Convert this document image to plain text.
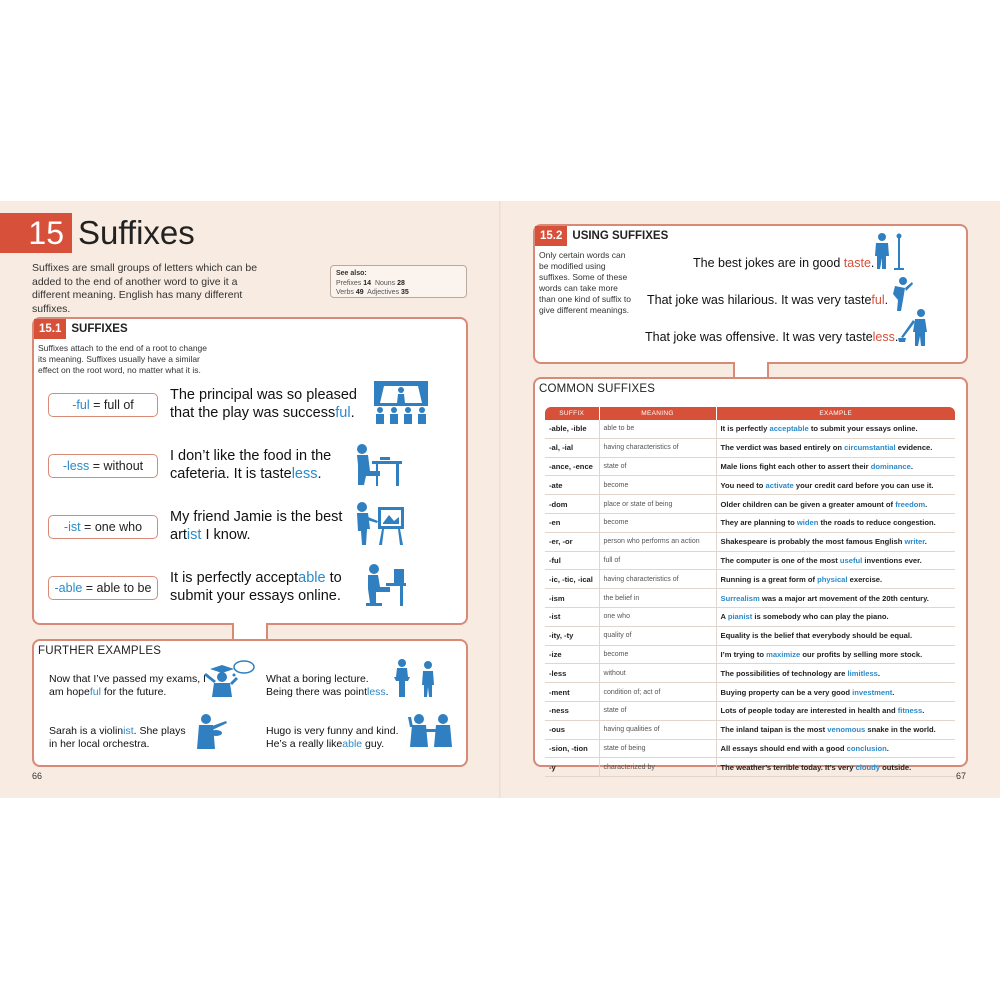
15 Suffixes
Suffixes are small groups of letters which can be added to the end of another word to give it a different meaning. English has many different suffixes.
See also:
Prefixes 14 Nouns 28
Verbs 49 Adjectives 35
15.1 SUFFIXES
Suffixes attach to the end of a root to change its meaning. Suffixes usually have a similar effect on the root word, no matter what it is.
-ful = full of
The principal was so pleased that the play was successful.
-less = without
I don’t like the food in the cafeteria. It is tasteless.
-ist = one who
My friend Jamie is the best artist I know.
-able = able to be
It is perfectly acceptable to submit your essays online.
FURTHER EXAMPLES
Now that I’ve passed my exams, I am hopeful for the future.
What a boring lecture. Being there was pointless.
Sarah is a violinist. She plays in her local orchestra.
Hugo is very funny and kind. He’s a really likeable guy.
15.2 USING SUFFIXES
Only certain words can be modified using suffixes. Some of these words can take more than one kind of suffix to give different meanings.
The best jokes are in good taste.
That joke was hilarious. It was very tasteful.
That joke was offensive. It was very tasteless.
COMMON SUFFIXES
SUFFIX	MEANING	EXAMPLE
-able, -ible	able to be	It is perfectly acceptable to submit your essays online.
-al, -ial	having characteristics of	The verdict was based entirely on circumstantial evidence.
-ance, -ence	state of	Male lions fight each other to assert their dominance.
-ate	become	You need to activate your credit card before you can use it.
-dom	place or state of being	Older children can be given a greater amount of freedom.
-en	become	They are planning to widen the roads to reduce congestion.
-er, -or	person who performs an action	Shakespeare is probably the most famous English writer.
-ful	full of	The computer is one of the most useful inventions ever.
-ic, -tic, -ical	having characteristics of	Running is a great form of physical exercise.
-ism	the belief in	Surrealism was a major art movement of the 20th century.
-ist	one who	A pianist is somebody who can play the piano.
-ity, -ty	quality of	Equality is the belief that everybody should be equal.
-ize	become	I’m trying to maximize our profits by selling more stock.
-less	without	The possibilities of technology are limitless.
-ment	condition of; act of	Buying property can be a very good investment.
-ness	state of	Lots of people today are interested in health and fitness.
-ous	having qualities of	The inland taipan is the most venomous snake in the world.
-sion, -tion	state of being	All essays should end with a good conclusion.
-y	characterized by	The weather’s terrible today. It’s very cloudy outside.
66	67
